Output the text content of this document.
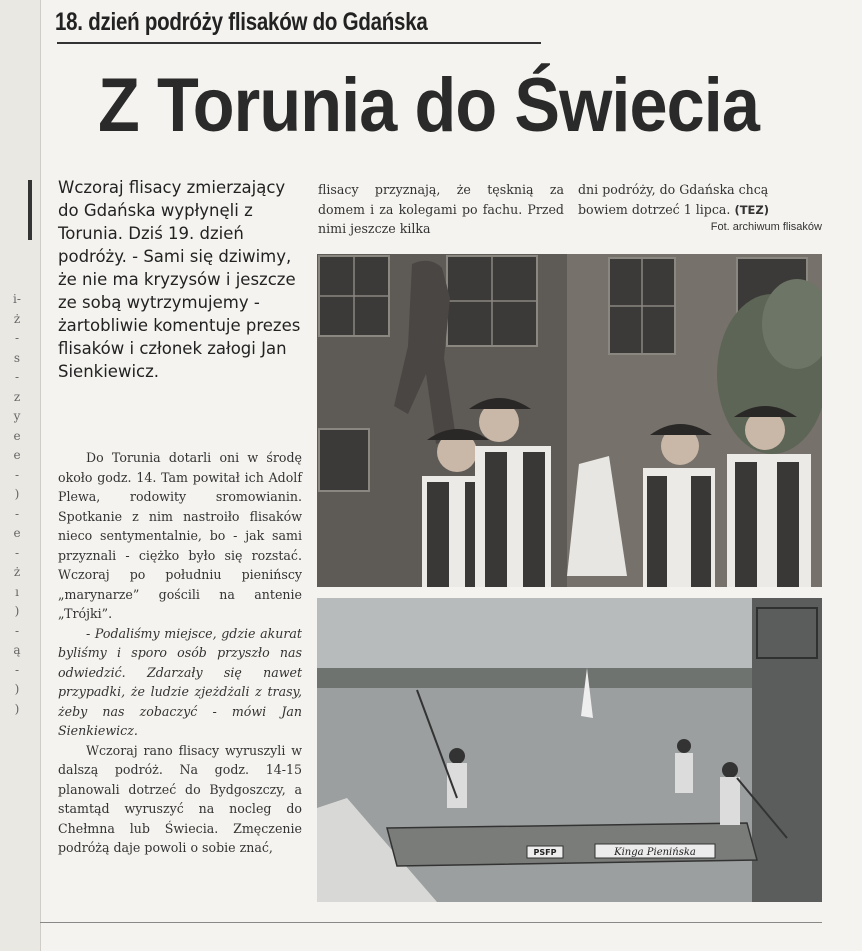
i-
ż
-
s
-
z
y
e
e
-
)
-
e
-
ż
ı
)
-
ą
-
)
)
18. dzień podróży flisaków do Gdańska
Z Torunia do Świecia

Wczoraj flisacy zmierzający do Gdańska wypłynęli z Torunia. Dziś 19. dzień podróży. - Sami się dziwimy, że nie ma kryzysów i jeszcze ze sobą wytrzymujemy - żartobliwie komentuje prezes flisaków i członek załogi Jan Sienkiewicz.

Do Torunia dotarli oni w środę około godz. 14. Tam powitał ich Adolf Plewa, rodowity sromowianin. Spotkanie z nim nastroiło flisaków nieco sentymentalnie, bo - jak sami przyznali - ciężko było się rozstać. Wczoraj po południu pienińscy „marynarze” gościli na antenie „Trójki”.

- Podaliśmy miejsce, gdzie akurat byliśmy i sporo osób przyszło nas odwiedzić. Zdarzały się nawet przypadki, że ludzie zjeżdżali z trasy, żeby nas zobaczyć - mówi Jan Sienkiewicz.

Wczoraj rano flisacy wyruszyli w dalszą podróż. Na godz. 14-15 planowali dotrzeć do Bydgoszczy, a stamtąd wyruszyć na nocleg do Chełmna lub Świecia. Zmęczenie podróżą daje powoli o sobie znać,

flisacy przyznają, że tęsknią za domem i za kolegami po fachu. Przed nimi jeszcze kilka

dni podróży, do Gdańska chcą bowiem dotrzeć 1 lipca. (TEZ)

Fot. archiwum flisaków
PSFP	Kinga Pienińska
